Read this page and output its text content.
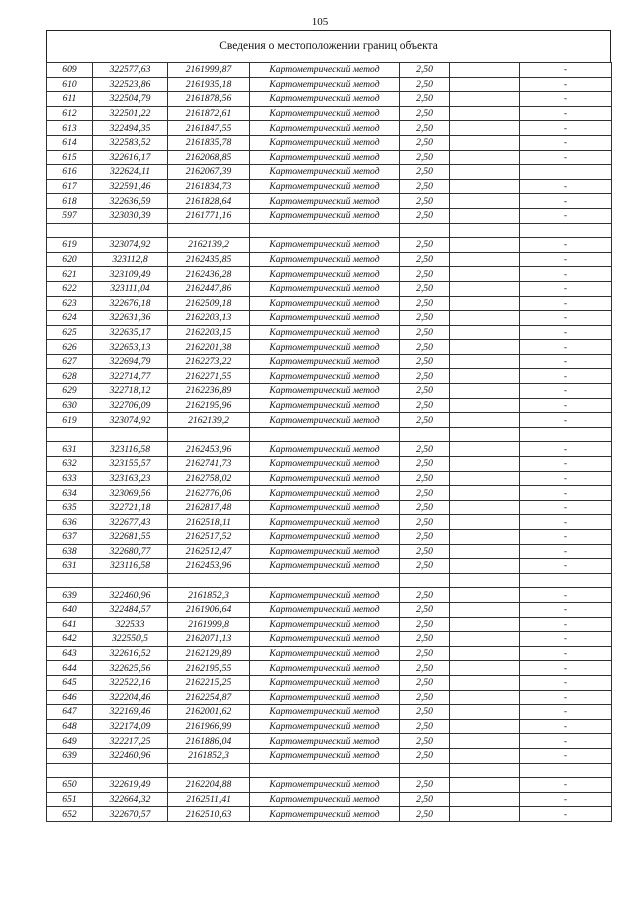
105
Сведения о местоположении границ объекта
609	322577,63	2161999,87	Картометрический метод	2,50		-
610	322523,86	2161935,18	Картометрический метод	2,50		-
611	322504,79	2161878,56	Картометрический метод	2,50		-
612	322501,22	2161872,61	Картометрический метод	2,50		-
613	322494,35	2161847,55	Картометрический метод	2,50		-
614	322583,52	2161835,78	Картометрический метод	2,50		-
615	322616,17	2162068,85	Картометрический метод	2,50		-
616	322624,11	2162067,39	Картометрический метод	2,50		
617	322591,46	2161834,73	Картометрический метод	2,50		-
618	322636,59	2161828,64	Картометрический метод	2,50		-
597	323030,39	2161771,16	Картометрический метод	2,50		-

619	323074,92	2162139,2	Картометрический метод	2,50		-
620	323112,8	2162435,85	Картометрический метод	2,50		-
621	323109,49	2162436,28	Картометрический метод	2,50		-
622	323111,04	2162447,86	Картометрический метод	2,50		-
623	322676,18	2162509,18	Картометрический метод	2,50		-
624	322631,36	2162203,13	Картометрический метод	2,50		-
625	322635,17	2162203,15	Картометрический метод	2,50		-
626	322653,13	2162201,38	Картометрический метод	2,50		-
627	322694,79	2162273,22	Картометрический метод	2,50		-
628	322714,77	2162271,55	Картометрический метод	2,50		-
629	322718,12	2162236,89	Картометрический метод	2,50		-
630	322706,09	2162195,96	Картометрический метод	2,50		-
619	323074,92	2162139,2	Картометрический метод	2,50		-

631	323116,58	2162453,96	Картометрический метод	2,50		-
632	323155,57	2162741,73	Картометрический метод	2,50		-
633	323163,23	2162758,02	Картометрический метод	2,50		-
634	323069,56	2162776,06	Картометрический метод	2,50		-
635	322721,18	2162817,48	Картометрический метод	2,50		-
636	322677,43	2162518,11	Картометрический метод	2,50		-
637	322681,55	2162517,52	Картометрический метод	2,50		-
638	322680,77	2162512,47	Картометрический метод	2,50		-
631	323116,58	2162453,96	Картометрический метод	2,50		-

639	322460,96	2161852,3	Картометрический метод	2,50		-
640	322484,57	2161906,64	Картометрический метод	2,50		-
641	322533	2161999,8	Картометрический метод	2,50		-
642	322550,5	2162071,13	Картометрический метод	2,50		-
643	322616,52	2162129,89	Картометрический метод	2,50		-
644	322625,56	2162195,55	Картометрический метод	2,50		-
645	322522,16	2162215,25	Картометрический метод	2,50		-
646	322204,46	2162254,87	Картометрический метод	2,50		-
647	322169,46	2162001,62	Картометрический метод	2,50		-
648	322174,09	2161966,99	Картометрический метод	2,50		-
649	322217,25	2161886,04	Картометрический метод	2,50		-
639	322460,96	2161852,3	Картометрический метод	2,50		-

650	322619,49	2162204,88	Картометрический метод	2,50		-
651	322664,32	2162511,41	Картометрический метод	2,50		-
652	322670,57	2162510,63	Картометрический метод	2,50		-
